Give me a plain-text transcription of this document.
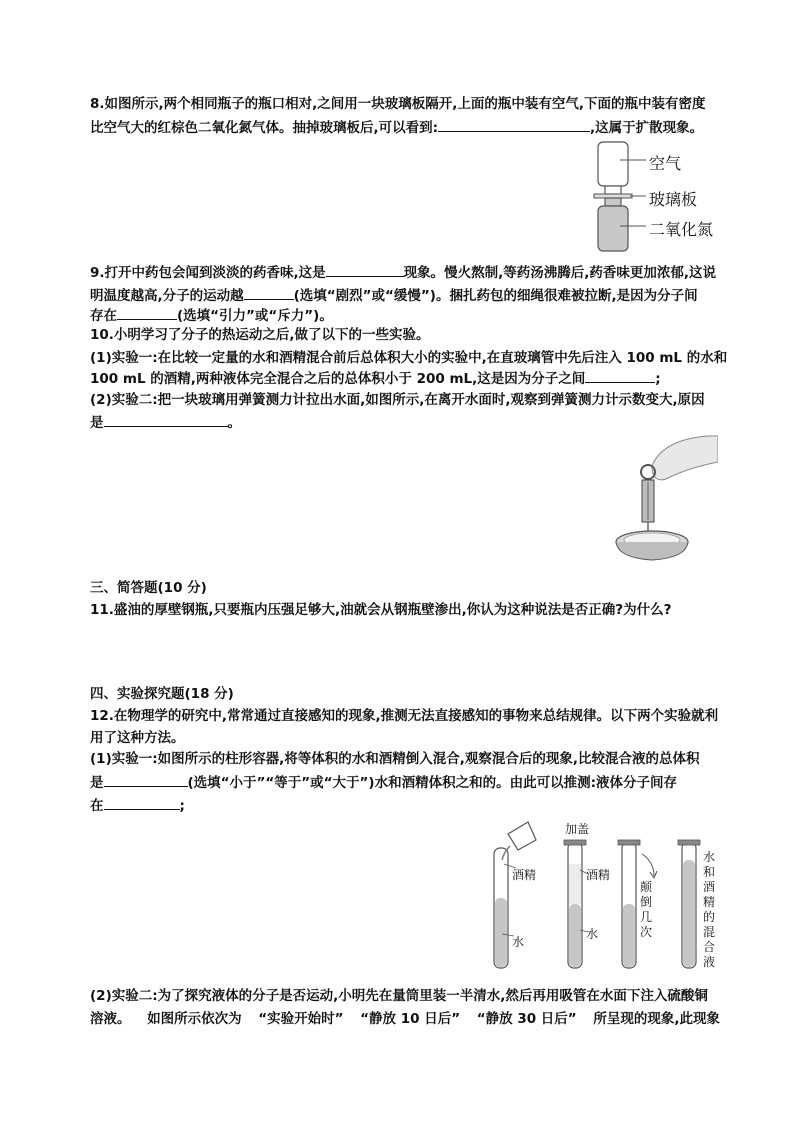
8.如图所示,两个相同瓶子的瓶口相对,之间用一块玻璃板隔开,上面的瓶中装有空气,下面的瓶中装有密度
比空气大的红棕色二氧化氮气体。抽掉玻璃板后,可以看到:	,这属于扩散现象。
空气
玻璃板
二氧化氮
9.打开中药包会闻到淡淡的药香味,这是	现象。慢火熬制,等药汤沸腾后,药香味更加浓郁,这说
明温度越高,分子的运动越	(选填“剧烈”或“缓慢”)。捆扎药包的细绳很难被拉断,是因为分子间
存在	(选填“引力”或“斥力”)。
10.小明学习了分子的热运动之后,做了以下的一些实验。
(1)实验一:在比较一定量的水和酒精混合前后总体积大小的实验中,在直玻璃管中先后注入 100 mL 的水和
100 mL 的酒精,两种液体完全混合之后的总体积小于 200 mL,这是因为分子之间	;
(2)实验二:把一块玻璃用弹簧测力计拉出水面,如图所示,在离开水面时,观察到弹簧测力计示数变大,原因
是	。
三、简答题(10 分)
11.盛油的厚壁钢瓶,只要瓶内压强足够大,油就会从钢瓶壁渗出,你认为这种说法是否正确?为什么?
四、实验探究题(18 分)
12.在物理学的研究中,常常通过直接感知的现象,推测无法直接感知的事物来总结规律。以下两个实验就利
用了这种方法。
(1)实验一:如图所示的柱形容器,将等体积的水和酒精倒入混合,观察混合后的现象,比较混合液的总体积
是	(选填“小于”“等于”或“大于”)水和酒精体积之和的。由此可以推测:液体分子间存
在	;
加盖
酒精
水
酒精
水
颠倒几次
水和酒精的混合液
(2)实验二:为了探究液体的分子是否运动,小明先在量筒里装一半清水,然后再用吸管在水面下注入硫酸铜
溶液。 如图所示依次为 “实验开始时” “静放 10 日后” “静放 30 日后” 所呈现的现象,此现象
